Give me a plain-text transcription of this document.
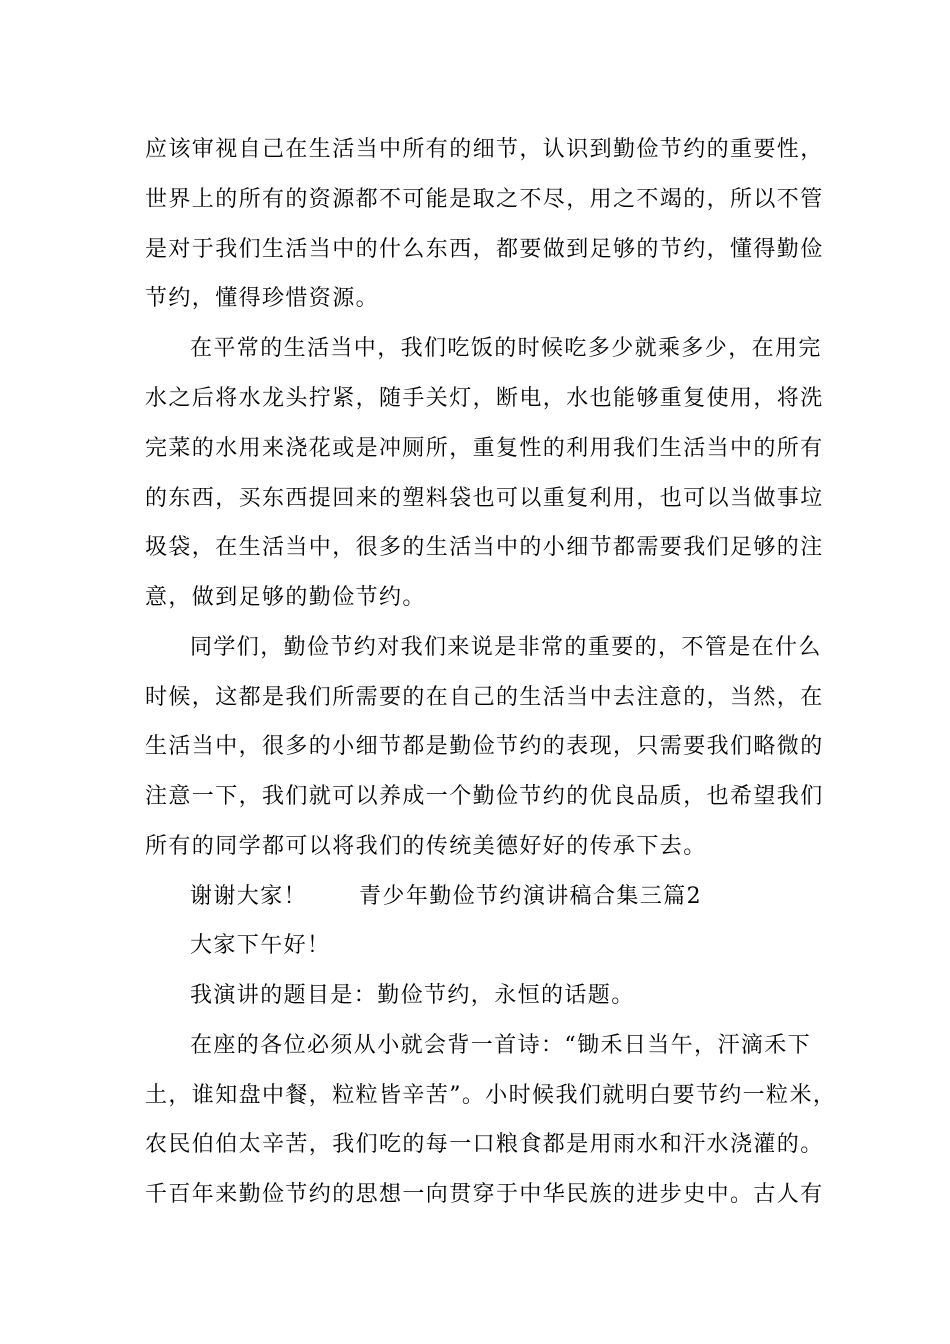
应该审视自己在生活当中所有的细节，认识到勤俭节约的重要性，
世界上的所有的资源都不可能是取之不尽，用之不竭的，所以不管
是对于我们生活当中的什么东西，都要做到足够的节约，懂得勤俭
节约，懂得珍惜资源。
在平常的生活当中，我们吃饭的时候吃多少就乘多少，在用完
水之后将水龙头拧紧，随手关灯，断电，水也能够重复使用，将洗
完菜的水用来浇花或是冲厕所，重复性的利用我们生活当中的所有
的东西，买东西提回来的塑料袋也可以重复利用，也可以当做事垃
圾袋，在生活当中，很多的生活当中的小细节都需要我们足够的注
意，做到足够的勤俭节约。
同学们，勤俭节约对我们来说是非常的重要的，不管是在什么
时候，这都是我们所需要的在自己的生活当中去注意的，当然，在
生活当中，很多的小细节都是勤俭节约的表现，只需要我们略微的
注意一下，我们就可以养成一个勤俭节约的优良品质，也希望我们
所有的同学都可以将我们的传统美德好好的传承下去。
谢谢大家！ 青少年勤俭节约演讲稿合集三篇2
大家下午好！
我演讲的题目是：勤俭节约，永恒的话题。
在座的各位必须从小就会背一首诗：“锄禾日当午，汗滴禾下
土，谁知盘中餐，粒粒皆辛苦”。小时候我们就明白要节约一粒米，
农民伯伯太辛苦，我们吃的每一口粮食都是用雨水和汗水浇灌的。
千百年来勤俭节约的思想一向贯穿于中华民族的进步史中。古人有
